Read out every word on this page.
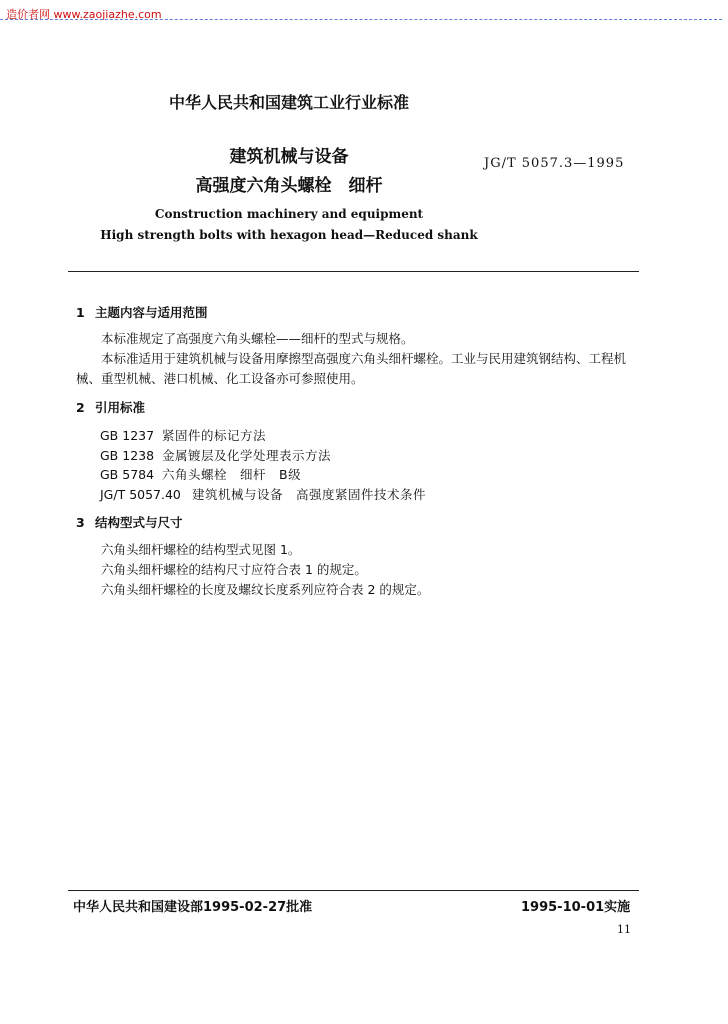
造价者网 www.zaojiazhe.com
中华人民共和国建筑工业行业标准
建筑机械与设备
高强度六角头螺栓　细杆
JG/T 5057.3—1995
Construction machinery and equipment
High strength bolts with hexagon head—Reduced shank
1 主题内容与适用范围
本标准规定了高强度六角头螺栓——细杆的型式与规格。
本标准适用于建筑机械与设备用摩擦型高强度六角头细杆螺栓。工业与民用建筑钢结构、工程机
械、重型机械、港口机械、化工设备亦可参照使用。
2 引用标准
GB 1237 紧固件的标记方法
GB 1238 金属镀层及化学处理表示方法
GB 5784 六角头螺栓　细杆　B级
JG/T 5057.40 建筑机械与设备　高强度紧固件技术条件
3 结构型式与尺寸
六角头细杆螺栓的结构型式见图 1。
六角头细杆螺栓的结构尺寸应符合表 1 的规定。
六角头细杆螺栓的长度及螺纹长度系列应符合表 2 的规定。
中华人民共和国建设部1995-02-27批准	1995-10-01实施
11
